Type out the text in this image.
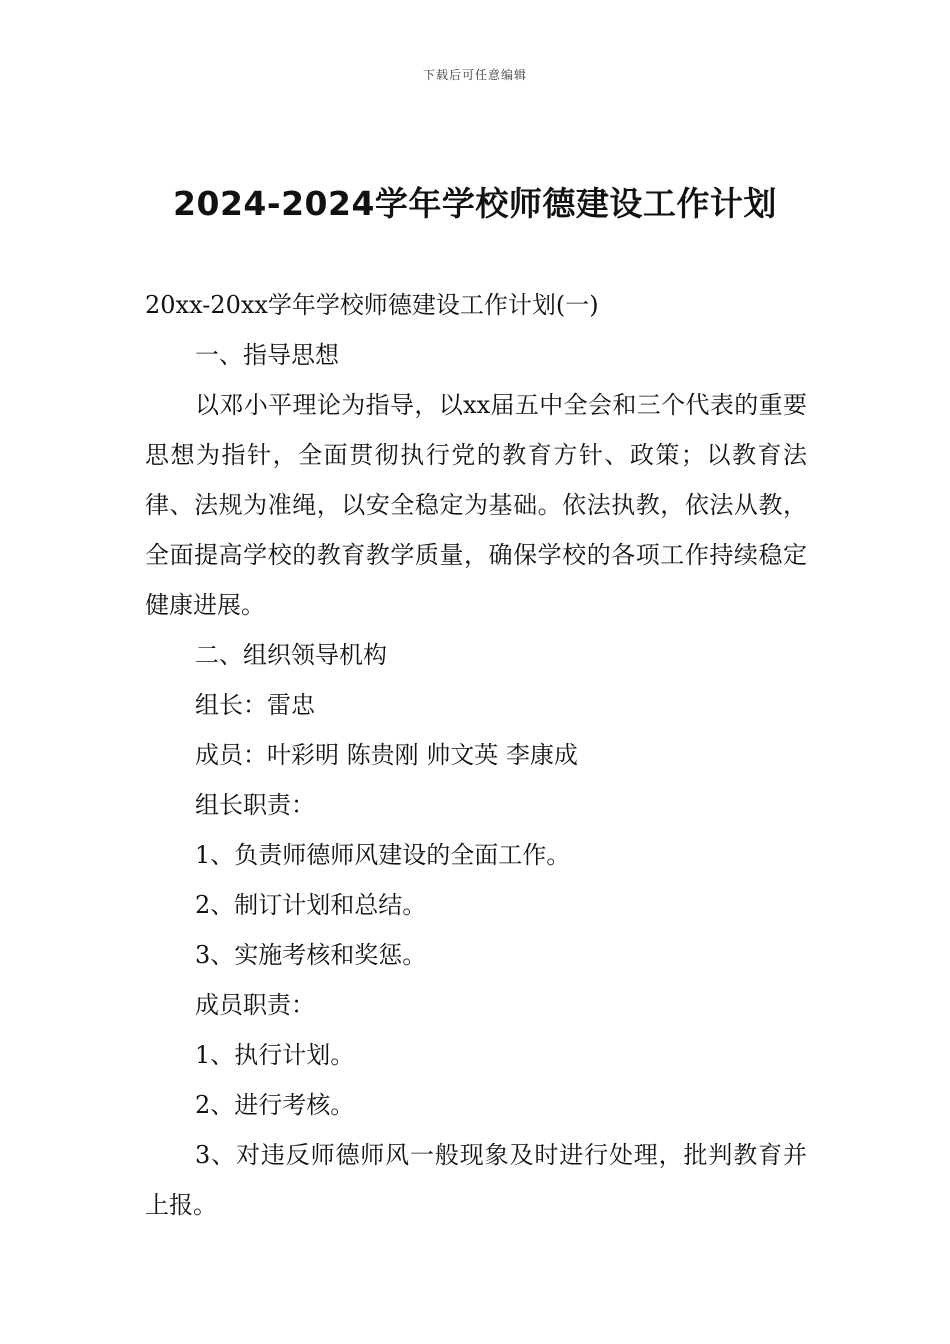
下载后可任意编辑
2024-2024学年学校师德建设工作计划

20xx-20xx学年学校师德建设工作计划(一)

一、指导思想

以邓小平理论为指导，以xx届五中全会和三个代表的重要思想为指针，全面贯彻执行党的教育方针、政策；以教育法律、法规为准绳，以安全稳定为基础。依法执教，依法从教，全面提高学校的教育教学质量，确保学校的各项工作持续稳定健康进展。

二、组织领导机构

组长：雷忠

成员：叶彩明 陈贵刚 帅文英 李康成

组长职责：

1、负责师德师风建设的全面工作。

2、制订计划和总结。

3、实施考核和奖惩。

成员职责：

1、执行计划。

2、进行考核。

3、对违反师德师风一般现象及时进行处理，批判教育并上报。
